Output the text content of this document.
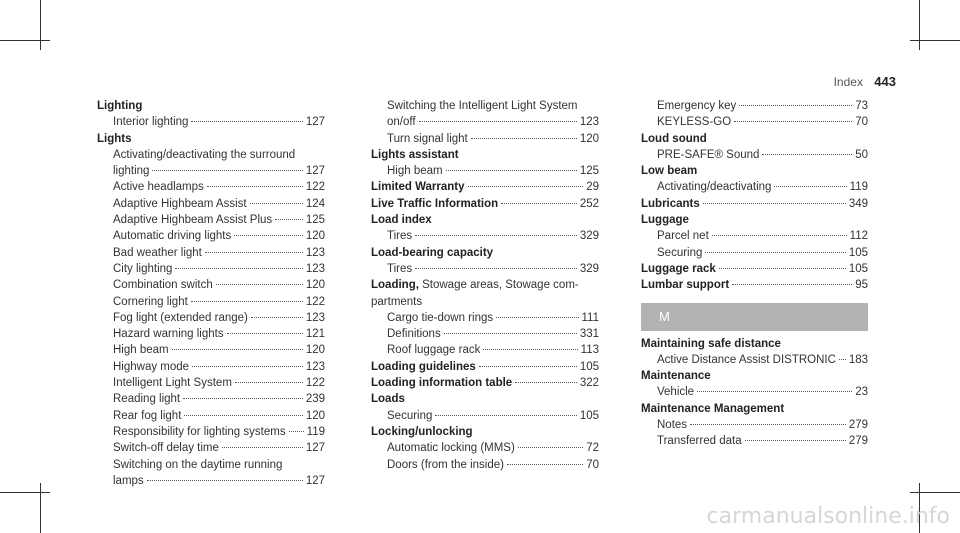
Index 443
Lighting
Interior lighting	127
Lights
Activating/deactivating the surround
lighting	127
Active headlamps	122
Adaptive Highbeam Assist	124
Adaptive Highbeam Assist Plus	125
Automatic driving lights	120
Bad weather light	123
City lighting	123
Combination switch	120
Cornering light	122
Fog light (extended range)	123
Hazard warning lights	121
High beam	120
Highway mode	123
Intelligent Light System	122
Reading light	239
Rear fog light	120
Responsibility for lighting systems 119
Switch-off delay time	127
Switching on the daytime running
lamps	127
Switching the Intelligent Light System
on/off	123
Turn signal light	120
Lights assistant
High beam	125
Limited Warranty	29
Live Traffic Information	252
Load index
Tires	329
Load-bearing capacity
Tires	329
Loading, Stowage areas, Stowage com-
partments
Cargo tie-down rings	111
Definitions	331
Roof luggage rack	113
Loading guidelines	105
Loading information table	322
Loads
Securing	105
Locking/unlocking
Automatic locking (MMS)	72
Doors (from the inside)	70
Emergency key	73
KEYLESS-GO	70
Loud sound
PRE-SAFE® Sound	50
Low beam
Activating/deactivating	119
Lubricants	349
Luggage
Parcel net	112
Securing	105
Luggage rack	105
Lumbar support	95
M
Maintaining safe distance
Active Distance Assist DISTRONIC 183
Maintenance
Vehicle	23
Maintenance Management
Notes	279
Transferred data	279
carmanualsonline.info
